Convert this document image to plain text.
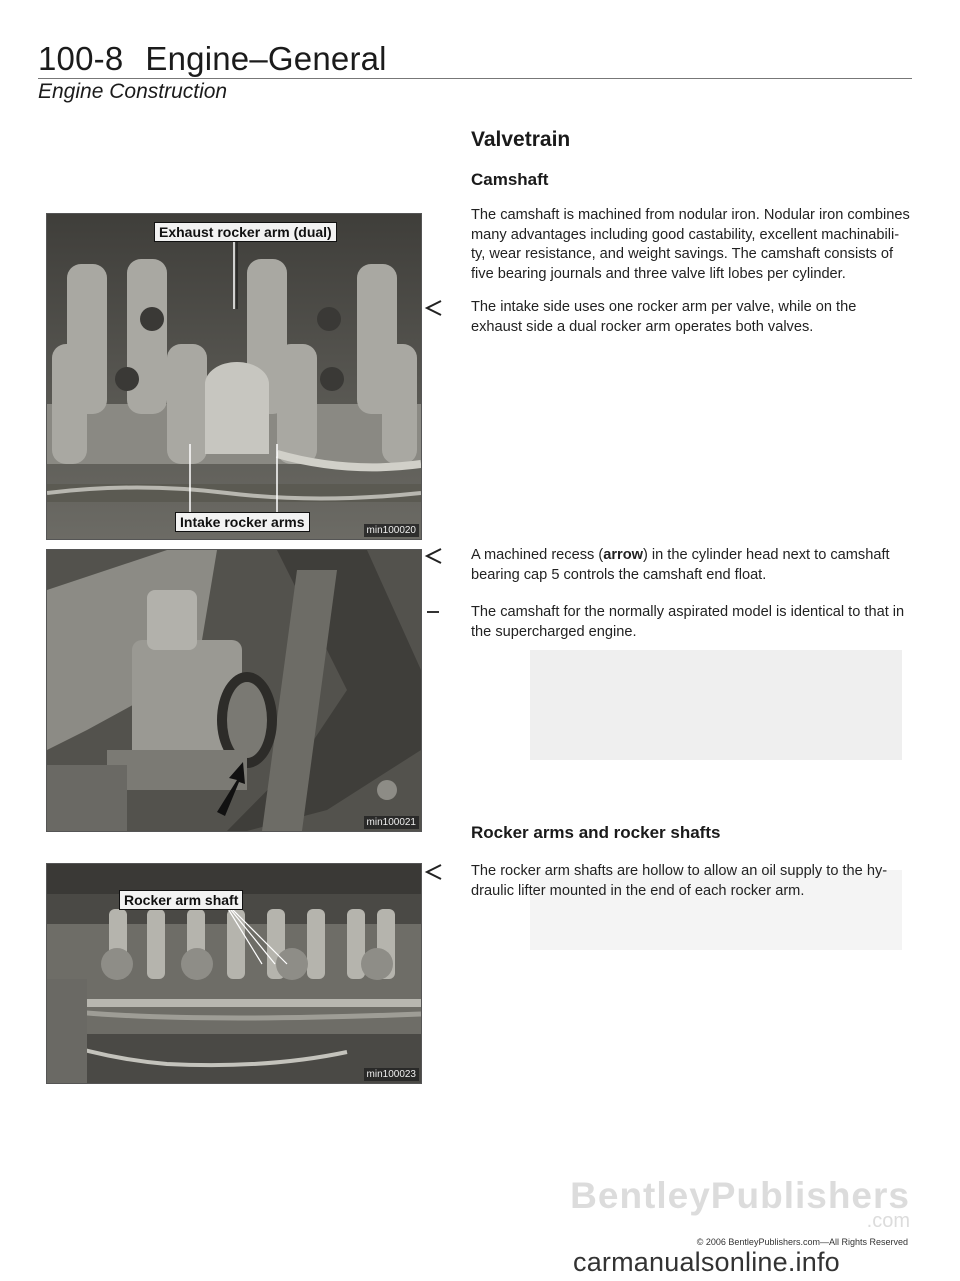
100-8 Engine–General
Engine Construction
Exhaust rocker arm (dual)
Intake rocker arms
min100020
min100021
Rocker arm shaft
min100023
Valvetrain
Camshaft
The camshaft is machined from nodular iron. Nodular iron combines many advantages including good castability, excellent machinabili-ty, wear resistance, and weight savings. The camshaft consists of five bearing journals and three valve lift lobes per cylinder.
The intake side uses one rocker arm per valve, while on the exhaust side a dual rocker arm operates both valves.
A machined recess (arrow) in the cylinder head next to camshaft bearing cap 5 controls the camshaft end float.
The camshaft for the normally aspirated model is identical to that in the supercharged engine.
Rocker arms and rocker shafts
The rocker arm shafts are hollow to allow an oil supply to the hy-draulic lifter mounted in the end of each rocker arm.
BentleyPublishers
.com
© 2006 BentleyPublishers.com—All Rights Reserved
carmanualsonline.info
